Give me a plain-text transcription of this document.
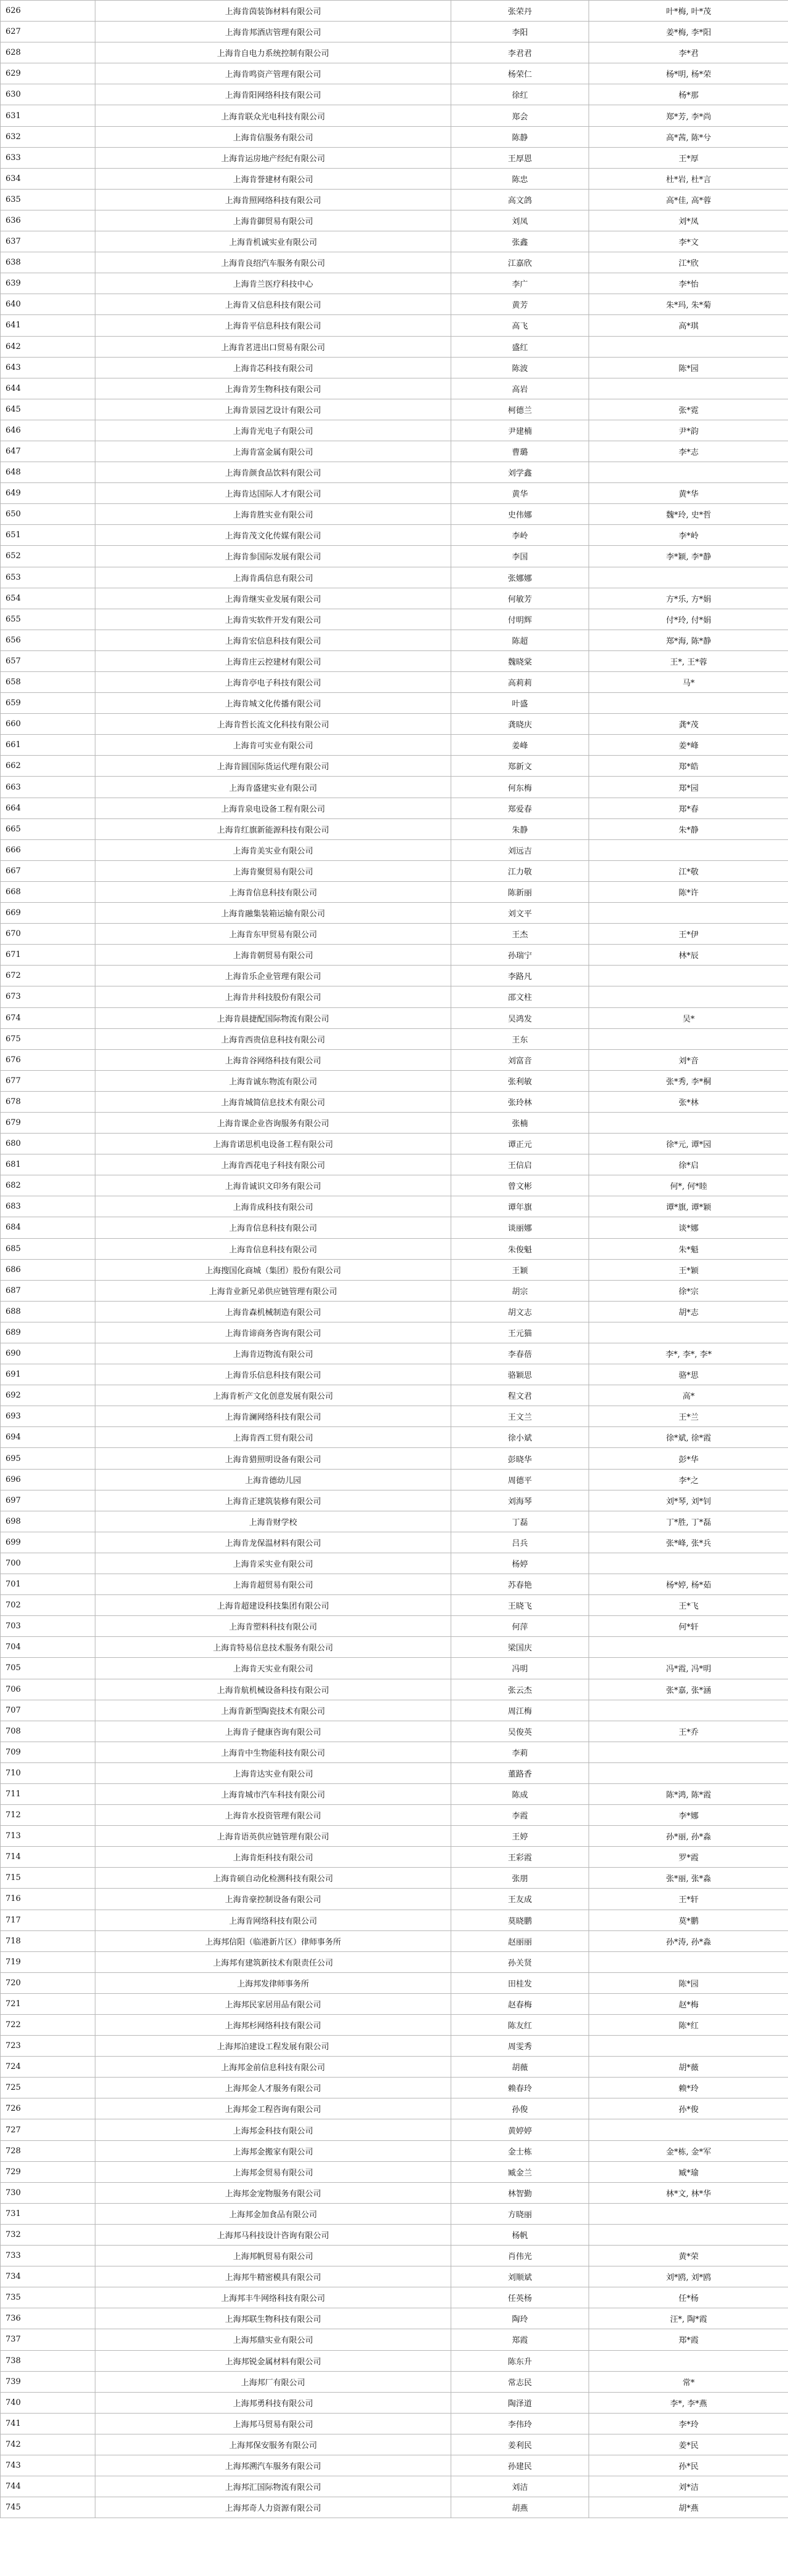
626	上海肯茵装饰材料有限公司	张荣丹	叶*梅, 叶*茂
627	上海肯邦酒店管理有限公司	李阳	姜*梅, 李*阳
628	上海肯自电力系统控制有限公司	李君君	李*君
629	上海肯鸣资产管理有限公司	杨荣仁	杨*明, 杨*荣
630	上海肯阳网络科技有限公司	徐红	杨*那
631	上海肯联众光电科技有限公司	郑会	郑*芳, 李*尚
632	上海肯信服务有限公司	陈静	高*茜, 陈*兮
633	上海肯运房地产经纪有限公司	王厚恩	王*厚
634	上海肯誉建材有限公司	陈忠	杜*岩, 杜*言
635	上海肯照网络科技有限公司	高文鸽	高*佳, 高*蓉
636	上海肯御贸易有限公司	刘凤	刘*凤
637	上海肯机诚实业有限公司	张鑫	李*文
638	上海肯良绍汽车服务有限公司	江嘉欣	江*欣
639	上海肯兰医疗科技中心	李广	李*怡
640	上海肯又信息科技有限公司	黄芳	朱*玛, 朱*菊
641	上海肯平信息科技有限公司	高飞	高*琪
642	上海肯茗进出口贸易有限公司	盛红	
643	上海肯芯科技有限公司	陈波	陈*园
644	上海肯芳生物科技有限公司	高岩	
645	上海肯景园艺设计有限公司	柯德兰	张*霓
646	上海肯光电子有限公司	尹建楠	尹*韵
647	上海肯富金属有限公司	曹璐	李*志
648	上海肯颜食品饮料有限公司	刘学鑫	
649	上海肯达国际人才有限公司	黄华	黄*华
650	上海肯胜实业有限公司	史伟娜	魏*玲, 史*哲
651	上海肯茂文化传媒有限公司	李岭	李*岭
652	上海肯参国际发展有限公司	李国	李*颖, 李*静
653	上海肯禹信息有限公司	张娜娜	
654	上海肯继实业发展有限公司	何敏芳	方*乐, 方*娟
655	上海肯实软件开发有限公司	付明辉	付*玲, 付*娟
656	上海肯宏信息科技有限公司	陈超	郑*海, 陈*静
657	上海肯庄云控建材有限公司	魏晓棠	王*, 王*蓉
658	上海肯亭电子科技有限公司	高莉莉	马*
659	上海肯城文化传播有限公司	叶盛	
660	上海肯哲长流文化科技有限公司	龚晓庆	龚*茂
661	上海肯可实业有限公司	姜峰	姜*峰
662	上海肯圆国际货运代理有限公司	郑新文	郑*皓
663	上海肯盛建实业有限公司	何东梅	郑*园
664	上海肯泉电设备工程有限公司	郑爱春	郑*春
665	上海肯红旗新能源科技有限公司	朱静	朱*静
666	上海肯美实业有限公司	刘远吉	
667	上海肯聚贸易有限公司	江力敬	江*敬
668	上海肯信息科技有限公司	陈新丽	陈*许
669	上海肯融集装箱运输有限公司	刘文平	
670	上海肯东甲贸易有限公司	王杰	王*伊
671	上海肯朝贸易有限公司	孙瑞宁	林*辰
672	上海肯乐企业管理有限公司	李路凡	
673	上海肯井科技股份有限公司	邵文柱	
674	上海肯晨捷配国际物流有限公司	吴鸿发	吴*
675	上海肯西贵信息科技有限公司	王东	
676	上海肯谷网络科技有限公司	刘富音	刘*音
677	上海肯诚东物流有限公司	张利敏	张*秀, 李*桐
678	上海肯城简信息技术有限公司	张玲林	张*林
679	上海肯课企业咨询服务有限公司	张楠	
680	上海肯诺思机电设备工程有限公司	谭正元	徐*元, 谭*园
681	上海肯西花电子科技有限公司	王信启	徐*启
682	上海肯诚识文印务有限公司	曾文彬	何*, 何*睦
683	上海肯成科技有限公司	谭年旗	谭*旗, 谭*颖
684	上海肯信息科技有限公司	谈丽娜	谈*娜
685	上海肯信息科技有限公司	朱俊魁	朱*魁
686	上海搜国化商城（集团）股份有限公司	王颖	王*颖
687	上海肯业新兄弟供应链管理有限公司	胡宗	徐*宗
688	上海肯森机械制造有限公司	胡文志	胡*志
689	上海肯谛商务咨询有限公司	王元猫	
690	上海肯迈物流有限公司	李春蓓	李*, 李*, 李*
691	上海肯乐信息科技有限公司	骆颖思	骆*思
692	上海肯析产文化创意发展有限公司	程文君	高*
693	上海肯澜网络科技有限公司	王文兰	王*兰
694	上海肯西工贸有限公司	徐小斌	徐*斌, 徐*霞
695	上海肯猎照明设备有限公司	彭晓华	彭*华
696	上海肯德幼儿园	周德平	李*之
697	上海肯正建筑装修有限公司	刘海琴	刘*琴, 刘*钊
698	上海肯财学校	丁磊	丁*胜, 丁*磊
699	上海肯龙保温材料有限公司	吕兵	张*峰, 张*兵
700	上海肯采实业有限公司	杨婷	
701	上海肯超贸易有限公司	苏春艳	杨*婷, 杨*茹
702	上海肯超建设科技集团有限公司	王晓飞	王*飞
703	上海肯塑料科技有限公司	何萍	何*轩
704	上海肯特易信息技术服务有限公司	梁国庆	
705	上海肯天实业有限公司	冯明	冯*霞, 冯*明
706	上海肯航机械设备科技有限公司	张云杰	张*嘉, 张*涵
707	上海肯新型陶瓷技术有限公司	周江梅	
708	上海肯子健康咨询有限公司	吴俊英	王*乔
709	上海肯中生物能科技有限公司	李莉	
710	上海肯达实业有限公司	董路香	
711	上海肯城市汽车科技有限公司	陈成	陈*鸿, 陈*霞
712	上海肯水投资管理有限公司	李霞	李*娜
713	上海肯语英供应链管理有限公司	王婷	孙*丽, 孙*淼
714	上海肯炬科技有限公司	王彩霞	罗*霞
715	上海肯硕自动化检测科技有限公司	张朋	张*丽, 张*淼
716	上海肯豪控制设备有限公司	王友成	王*轩
717	上海肯网络科技有限公司	莫晓鹏	莫*鹏
718	上海邦信阳（临港新片区）律师事务所	赵丽丽	孙*涛, 孙*淼
719	上海邦有建筑新技术有限责任公司	孙关贤	
720	上海邦发律师事务所	田桂发	陈*园
721	上海邦民家居用品有限公司	赵春梅	赵*梅
722	上海邦杉网络科技有限公司	陈友红	陈*红
723	上海邦泊建设工程发展有限公司	周雯秀	
724	上海邦金前信息科技有限公司	胡薇	胡*薇
725	上海邦金人才服务有限公司	赖春玲	赖*玲
726	上海邦金工程咨询有限公司	孙俊	孙*俊
727	上海邦金科技有限公司	黄婷婷	
728	上海邦金搬家有限公司	金士栋	金*栋, 金*军
729	上海邦金贸易有限公司	臧金兰	臧*瑜
730	上海邦金宠物服务有限公司	林智勤	林*文, 林*华
731	上海邦金加食品有限公司	方晓丽	
732	上海邦马科技设计咨询有限公司	杨帆	
733	上海邦帆贸易有限公司	肖伟光	黄*荣
734	上海邦牛精密模具有限公司	刘顺斌	刘*鸥, 刘*鸥
735	上海邦丰牛网络科技有限公司	任英杨	任*杨
736	上海邦联生物科技有限公司	陶玲	汪*, 陶*霞
737	上海邦鼎实业有限公司	郑霞	郑*霞
738	上海邦锐金属材料有限公司	陈东升	
739	上海邦厂有限公司	常志民	常*
740	上海邦勇科技有限公司	陶泽道	李*, 李*燕
741	上海邦马贸易有限公司	李伟玲	李*玲
742	上海邦保安服务有限公司	姜利民	姜*民
743	上海邦溯汽车服务有限公司	孙建民	孙*民
744	上海邦汇国际物流有限公司	刘洁	刘*洁
745	上海邦奇人力资源有限公司	胡燕	胡*燕
